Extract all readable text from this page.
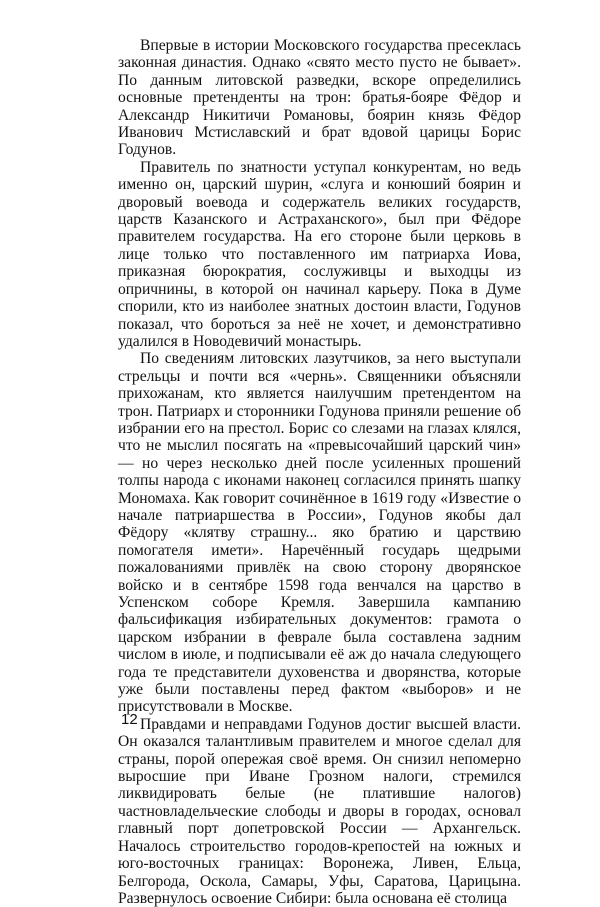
Впервые в истории Московского государства пресеклась законная династия. Однако «свято место пусто не бывает». По данным литовской разведки, вскоре определились основные претенденты на трон: братья-бояре Фёдор и Александр Никитичи Романовы, боярин князь Фёдор Иванович Мстиславский и брат вдовой царицы Борис Годунов.

Правитель по знатности уступал конкурентам, но ведь именно он, царский шурин, «слуга и конюший боярин и дворовый воевода и содержатель великих государств, царств Казанского и Астраханского», был при Фёдоре правителем государства. На его стороне были церковь в лице только что поставленного им патриарха Иова, приказная бюрократия, сослуживцы и выходцы из опричнины, в которой он начинал карьеру. Пока в Думе спорили, кто из наиболее знатных достоин власти, Годунов показал, что бороться за неё не хочет, и демонстративно удалился в Новодевичий монастырь.

По сведениям литовских лазутчиков, за него выступали стрельцы и почти вся «чернь». Священники объясняли прихожанам, кто является наилучшим претендентом на трон. Патриарх и сторонники Годунова приняли решение об избрании его на престол. Борис со слезами на глазах клялся, что не мыслил посягать на «превысочайший царский чин» — но через несколько дней после усиленных прошений толпы народа с иконами наконец согласился принять шапку Мономаха. Как говорит сочинённое в 1619 году «Известие о начале патриаршества в России», Годунов якобы дал Фёдору «клятву страшну... яко братию и царствию помогателя имети». Наречённый государь щедрыми пожалованиями привлёк на свою сторону дворянское войско и в сентябре 1598 года венчался на царство в Успенском соборе Кремля. Завершила кампанию фальсификация избирательных документов: грамота о царском избрании в феврале была составлена задним числом в июле, и подписывали её аж до начала следующего года те представители духовенства и дворянства, которые уже были поставлены перед фактом «выборов» и не присутствовали в Москве.

Правдами и неправдами Годунов достиг высшей власти. Он оказался талантливым правителем и многое сделал для страны, порой опережая своё время. Он снизил непомерно выросшие при Иване Грозном налоги, стремился ликвидировать белые (не платившие налогов) частновладельческие слободы и дворы в городах, основал главный порт допетровской России — Архангельск. Началось строительство городов-крепостей на южных и юго-восточных границах: Воронежа, Ливен, Ельца, Белгорода, Оскола, Самары, Уфы, Саратова, Царицына. Развернулось освоение Сибири: была основана её столица

12
